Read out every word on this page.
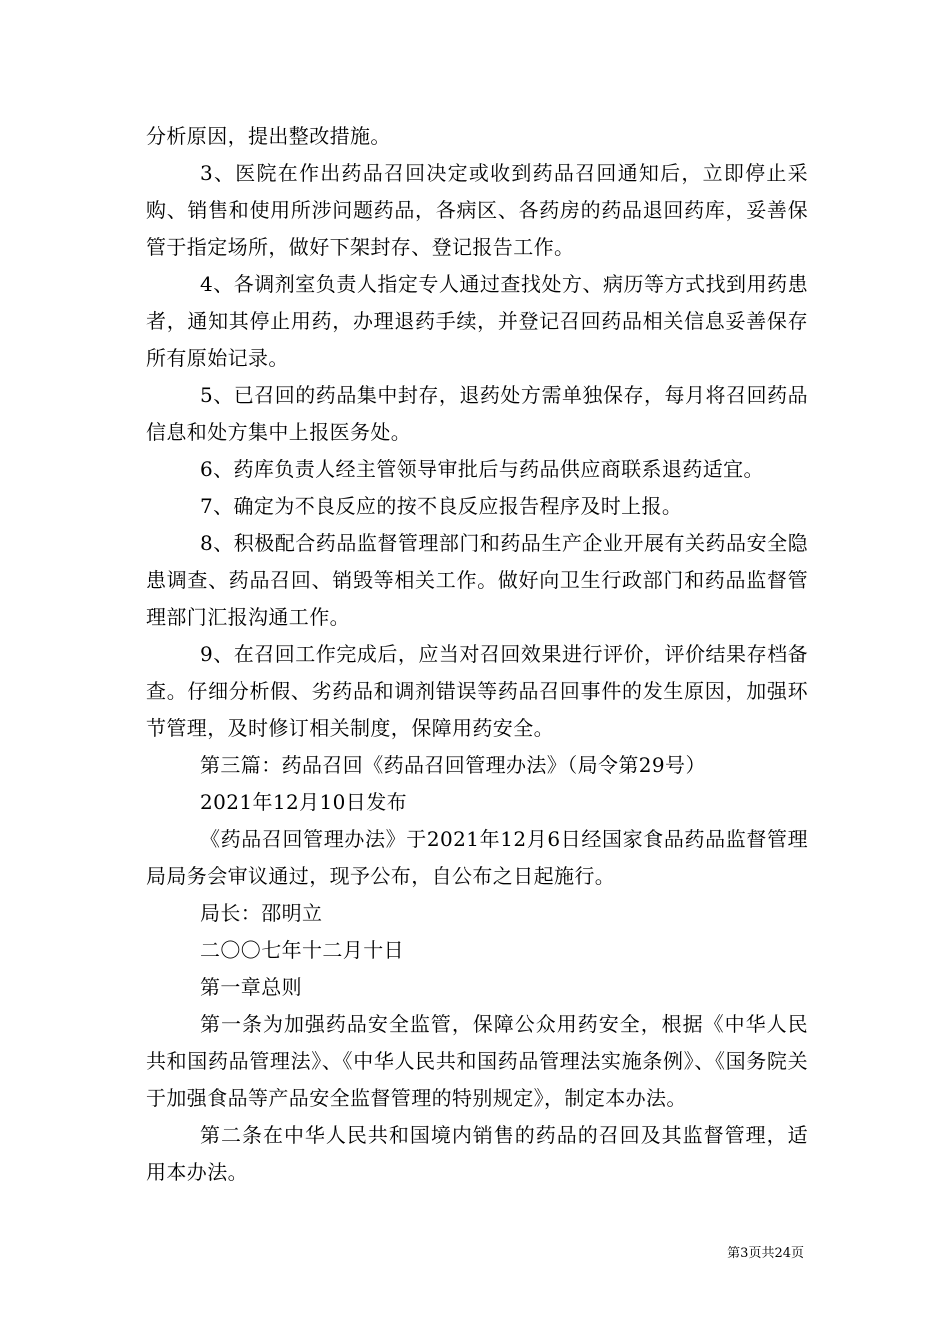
分析原因，提出整改措施。

3、医院在作出药品召回决定或收到药品召回通知后，立即停止采购、销售和使用所涉问题药品，各病区、各药房的药品退回药库，妥善保管于指定场所，做好下架封存、登记报告工作。

4、各调剂室负责人指定专人通过查找处方、病历等方式找到用药患者，通知其停止用药，办理退药手续，并登记召回药品相关信息妥善保存所有原始记录。

5、已召回的药品集中封存，退药处方需单独保存，每月将召回药品信息和处方集中上报医务处。

6、药库负责人经主管领导审批后与药品供应商联系退药适宜。

7、确定为不良反应的按不良反应报告程序及时上报。

8、积极配合药品监督管理部门和药品生产企业开展有关药品安全隐患调查、药品召回、销毁等相关工作。做好向卫生行政部门和药品监督管理部门汇报沟通工作。

9、在召回工作完成后，应当对召回效果进行评价，评价结果存档备查。仔细分析假、劣药品和调剂错误等药品召回事件的发生原因，加强环节管理，及时修订相关制度，保障用药安全。

第三篇：药品召回《药品召回管理办法》（局令第29号）

2021年12月10日发布

《药品召回管理办法》于2021年12月6日经国家食品药品监督管理局局务会审议通过，现予公布，自公布之日起施行。

局长：邵明立

二〇〇七年十二月十日

第一章总则

第一条为加强药品安全监管，保障公众用药安全，根据《中华人民共和国药品管理法》、《中华人民共和国药品管理法实施条例》、《国务院关于加强食品等产品安全监督管理的特别规定》，制定本办法。

第二条在中华人民共和国境内销售的药品的召回及其监督管理，适用本办法。

第3页共24页
